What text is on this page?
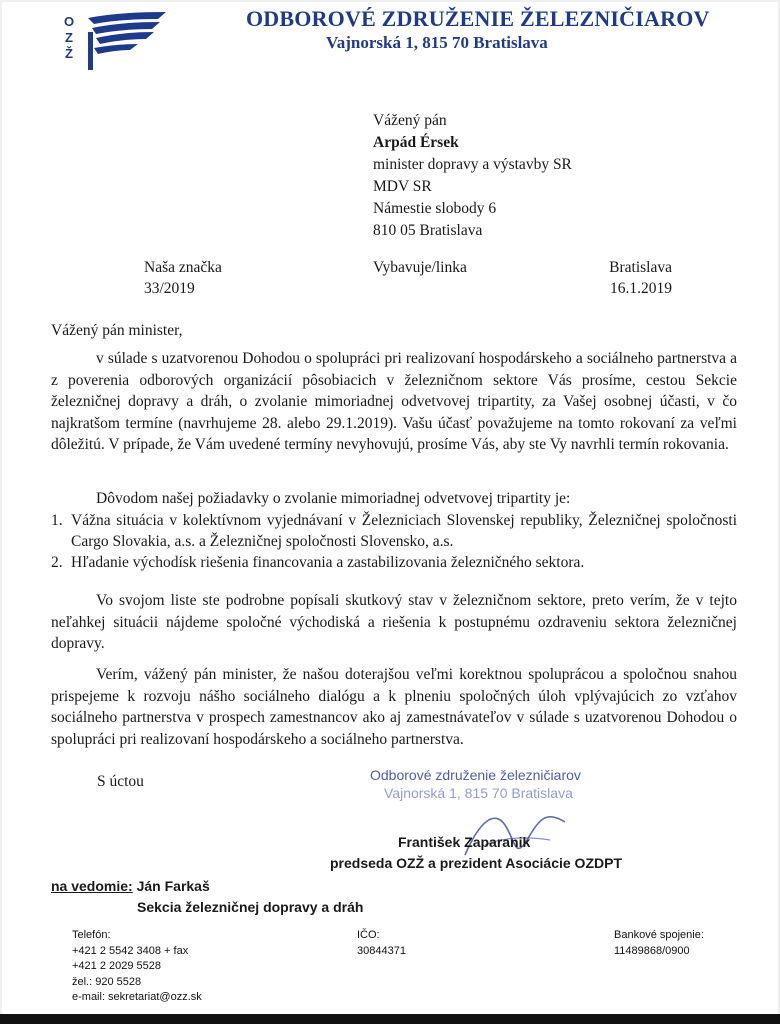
O
Z
Ž
ODBOROVÉ ZDRUŽENIE ŽELEZNIČIAROV
Vajnorská 1, 815 70 Bratislava
Vážený pán
Arpád Érsek
minister dopravy a výstavby SR
MDV SR
Námestie slobody 6
810 05 Bratislava
Naša značka
33/2019
Vybavuje/linka	Bratislava
16.1.2019
Vážený pán minister,
v súlade s uzatvorenou Dohodou o spolupráci pri realizovaní hospodárskeho a sociálneho partnerstva a z poverenia odborových organizácií pôsobiacich v železničnom sektore Vás prosíme, cestou Sekcie železničnej dopravy a dráh, o zvolanie mimoriadnej odvetvovej tripartity, za Vašej osobnej účasti, v čo najkratšom termíne (navrhujeme 28. alebo 29.1.2019). Vašu účasť považujeme na tomto rokovaní za veľmi dôležitú. V prípade, že Vám uvedené termíny nevyhovujú, prosíme Vás, aby ste Vy navrhli termín rokovania.
Dôvodom našej požiadavky o zvolanie mimoriadnej odvetvovej tripartity je:
1. Vážna situácia v kolektívnom vyjednávaní v Železniciach Slovenskej republiky, Železničnej spoločnosti Cargo Slovakia, a.s. a Železničnej spoločnosti Slovensko, a.s.
2. Hľadanie východísk riešenia financovania a zastabilizovania železničného sektora.
Vo svojom liste ste podrobne popísali skutkový stav v železničnom sektore, preto verím, že v tejto neľahkej situácii nájdeme spoločné východiská a riešenia k postupnému ozdraveniu sektora železničnej dopravy.
Verím, vážený pán minister, že našou doterajšou veľmi korektnou spoluprácou a spoločnou snahou prispejeme k rozvoju nášho sociálneho dialógu a k plneniu spoločných úloh vplývajúcich zo vzťahov sociálneho partnerstva v prospech zamestnancov ako aj zamestnávateľov v súlade s uzatvorenou Dohodou o spolupráci pri realizovaní hospodárskeho a sociálneho partnerstva.
S úctou	Odborové združenie železničiarov
Vajnorská 1, 815 70 Bratislava
František Zaparanik
predseda OZŽ a prezident Asociácie OZDPT
na vedomie: Ján Farkaš
Sekcia železničnej dopravy a dráh
Telefón:
+421 2 5542 3408 + fax
+421 2 2029 5528
žel.: 920 5528
e-mail: sekretariat@ozz.sk
IČO:
30844371
Bankové spojenie:
11489868/0900
